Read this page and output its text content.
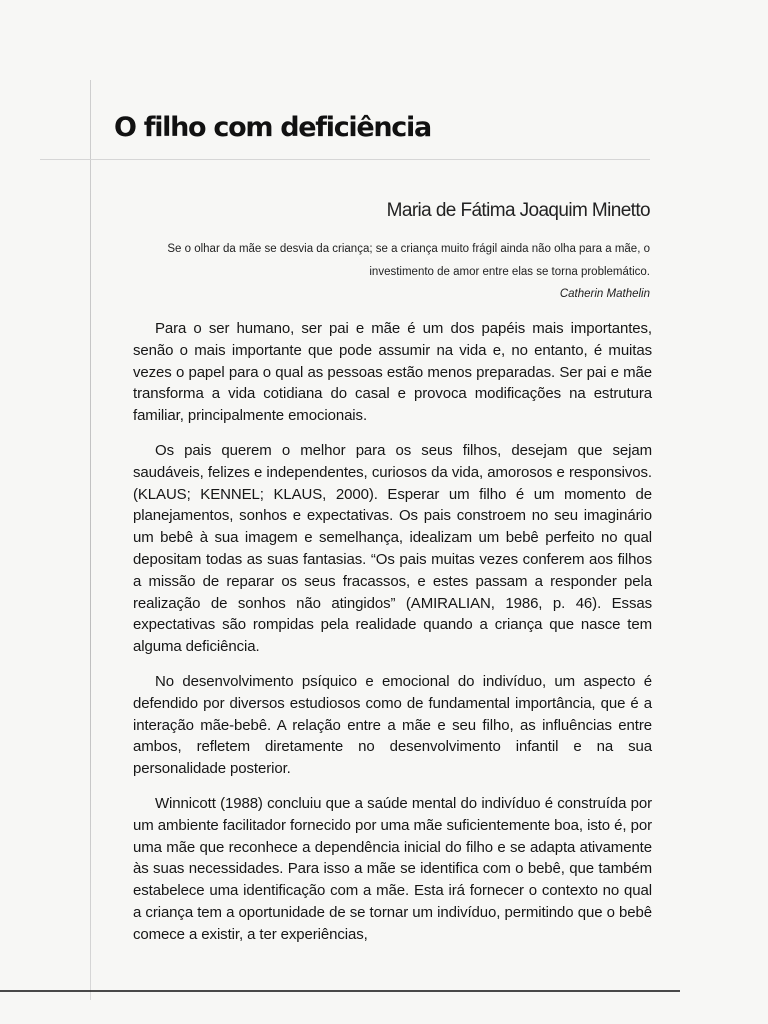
O filho com deficiência

Maria de Fátima Joaquim Minetto

Se o olhar da mãe se desvia da criança; se a criança muito frágil ainda não olha para a mãe, o investimento de amor entre elas se torna problemático.

Catherin Mathelin

Para o ser humano, ser pai e mãe é um dos papéis mais importantes, senão o mais importante que pode assumir na vida e, no entanto, é muitas vezes o papel para o qual as pessoas estão menos preparadas. Ser pai e mãe transforma a vida cotidiana do casal e provoca modificações na estrutura familiar, principalmente emocionais.

Os pais querem o melhor para os seus filhos, desejam que sejam saudáveis, felizes e independentes, curiosos da vida, amorosos e responsivos. (KLAUS; KENNEL; KLAUS, 2000). Esperar um filho é um momento de planejamentos, sonhos e expectativas. Os pais constroem no seu imaginário um bebê à sua imagem e semelhança, idealizam um bebê perfeito no qual depositam todas as suas fantasias. “Os pais muitas vezes conferem aos filhos a missão de reparar os seus fracassos, e estes passam a responder pela realização de sonhos não atingidos” (AMIRALIAN, 1986, p. 46). Essas expectativas são rompidas pela realidade quando a criança que nasce tem alguma deficiência.

No desenvolvimento psíquico e emocional do indivíduo, um aspecto é defendido por diversos estudiosos como de fundamental importância, que é a interação mãe-bebê. A relação entre a mãe e seu filho, as influências entre ambos, refletem diretamente no desenvolvimento infantil e na sua personalidade posterior.

Winnicott (1988) concluiu que a saúde mental do indivíduo é construída por um ambiente facilitador fornecido por uma mãe suficientemente boa, isto é, por uma mãe que reconhece a dependência inicial do filho e se adapta ativamente às suas necessidades. Para isso a mãe se identifica com o bebê, que também estabelece uma identificação com a mãe. Esta irá fornecer o contexto no qual a criança tem a oportunidade de se tornar um indivíduo, permitindo que o bebê comece a existir, a ter experiências,
